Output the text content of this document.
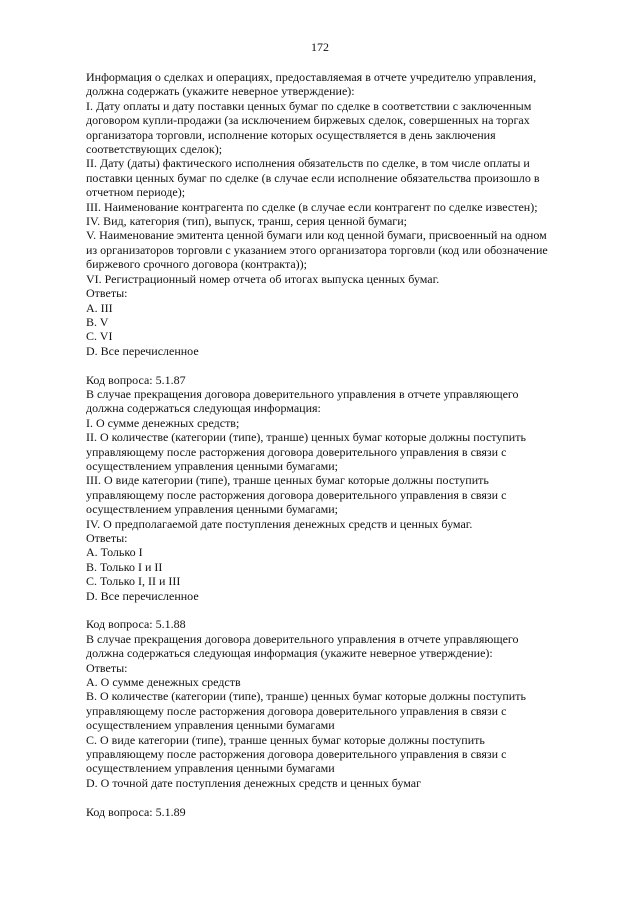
172
Информация о сделках и операциях, предоставляемая в отчете учредителю управления,
должна содержать (укажите неверное утверждение):
I. Дату оплаты и дату поставки ценных бумаг по сделке в соответствии с заключенным
договором купли-продажи (за исключением биржевых сделок, совершенных на торгах
организатора торговли, исполнение которых осуществляется в день заключения
соответствующих сделок);
II. Дату (даты) фактического исполнения обязательств по сделке, в том числе оплаты и
поставки ценных бумаг по сделке (в случае если исполнение обязательства произошло в
отчетном периоде);
III. Наименование контрагента по сделке (в случае если контрагент по сделке известен);
IV. Вид, категория (тип), выпуск, транш, серия ценной бумаги;
V. Наименование эмитента ценной бумаги или код ценной бумаги, присвоенный на одном
из организаторов торговли с указанием этого организатора торговли (код или обозначение
биржевого срочного договора (контракта));
VI. Регистрационный номер отчета об итогах выпуска ценных бумаг.
Ответы:
A. III
B. V
C. VI
D. Все перечисленное
Код вопроса: 5.1.87
В случае прекращения договора доверительного управления в отчете управляющего
должна содержаться следующая информация:
I. О сумме денежных средств;
II. О количестве (категории (типе), транше) ценных бумаг которые должны поступить
управляющему после расторжения договора доверительного управления в связи с
осуществлением управления ценными бумагами;
III. О виде категории (типе), транше ценных бумаг которые должны поступить
управляющему после расторжения договора доверительного управления в связи с
осуществлением управления ценными бумагами;
IV. О предполагаемой дате поступления денежных средств и ценных бумаг.
Ответы:
A. Только I
B. Только I и II
C. Только I, II и III
D. Все перечисленное
Код вопроса: 5.1.88
В случае прекращения договора доверительного управления в отчете управляющего
должна содержаться следующая информация (укажите неверное утверждение):
Ответы:
A. О сумме денежных средств
B. О количестве (категории (типе), транше) ценных бумаг которые должны поступить
управляющему после расторжения договора доверительного управления в связи с
осуществлением управления ценными бумагами
C. О виде категории (типе), транше ценных бумаг которые должны поступить
управляющему после расторжения договора доверительного управления в связи с
осуществлением управления ценными бумагами
D. О точной дате поступления денежных средств и ценных бумаг
Код вопроса: 5.1.89
